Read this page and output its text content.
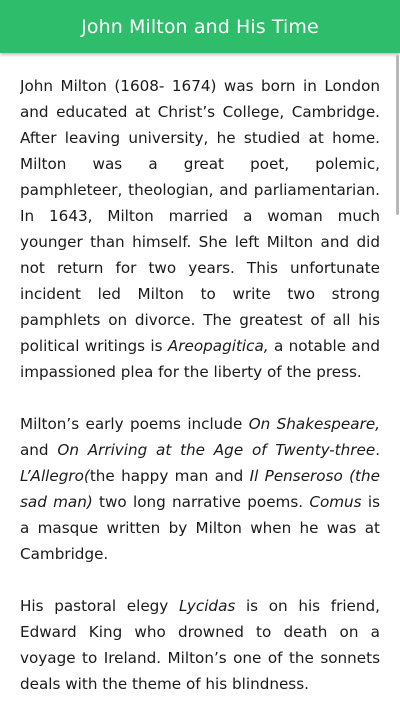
John Milton and His Time

John Milton (1608- 1674) was born in London and educated at Christ’s College, Cambridge. After leaving university, he studied at home. Milton was a great poet, polemic, pamphleteer, theologian, and parliamentarian. In 1643, Milton married a woman much younger than himself. She left Milton and did not return for two years. This unfortunate incident led Milton to write two strong pamphlets on divorce. The greatest of all his political writings is Areopagitica, a notable and impassioned plea for the liberty of the press.

Milton’s early poems include On Shakespeare, and On Arriving at the Age of Twenty-three. L’Allegro(the happy man and Il Penseroso (the sad man) two long narrative poems. Comus is a masque written by Milton when he was at Cambridge.

His pastoral elegy Lycidas is on his friend, Edward King who drowned to death on a voyage to Ireland. Milton’s one of the sonnets deals with the theme of his blindness.
